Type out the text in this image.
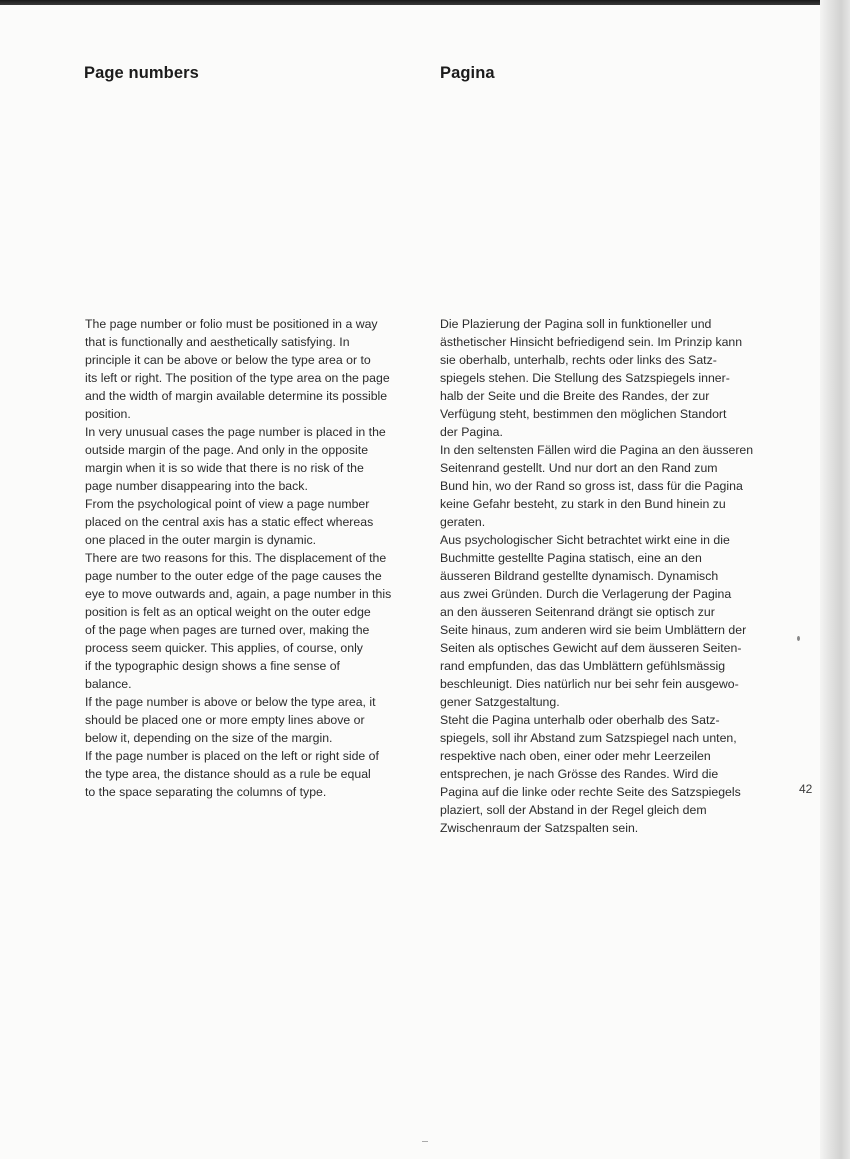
Page numbers	Pagina
The page number or folio must be positioned in a way
that is functionally and aesthetically satisfying. In
principle it can be above or below the type area or to
its left or right. The position of the type area on the page
and the width of margin available determine its possible
position.
In very unusual cases the page number is placed in the
outside margin of the page. And only in the opposite
margin when it is so wide that there is no risk of the
page number disappearing into the back.
From the psychological point of view a page number
placed on the central axis has a static effect whereas
one placed in the outer margin is dynamic.
There are two reasons for this. The displacement of the
page number to the outer edge of the page causes the
eye to move outwards and, again, a page number in this
position is felt as an optical weight on the outer edge
of the page when pages are turned over, making the
process seem quicker. This applies, of course, only
if the typographic design shows a fine sense of
balance.
If the page number is above or below the type area, it
should be placed one or more empty lines above or
below it, depending on the size of the margin.
If the page number is placed on the left or right side of
the type area, the distance should as a rule be equal
to the space separating the columns of type.
Die Plazierung der Pagina soll in funktioneller und
ästhetischer Hinsicht befriedigend sein. Im Prinzip kann
sie oberhalb, unterhalb, rechts oder links des Satz-
spiegels stehen. Die Stellung des Satzspiegels inner-
halb der Seite und die Breite des Randes, der zur
Verfügung steht, bestimmen den möglichen Standort
der Pagina.
In den seltensten Fällen wird die Pagina an den äusseren
Seitenrand gestellt. Und nur dort an den Rand zum
Bund hin, wo der Rand so gross ist, dass für die Pagina
keine Gefahr besteht, zu stark in den Bund hinein zu
geraten.
Aus psychologischer Sicht betrachtet wirkt eine in die
Buchmitte gestellte Pagina statisch, eine an den
äusseren Bildrand gestellte dynamisch. Dynamisch
aus zwei Gründen. Durch die Verlagerung der Pagina
an den äusseren Seitenrand drängt sie optisch zur
Seite hinaus, zum anderen wird sie beim Umblättern der
Seiten als optisches Gewicht auf dem äusseren Seiten-
rand empfunden, das das Umblättern gefühlsmässig
beschleunigt. Dies natürlich nur bei sehr fein ausgewo-
gener Satzgestaltung.
Steht die Pagina unterhalb oder oberhalb des Satz-
spiegels, soll ihr Abstand zum Satzspiegel nach unten,
respektive nach oben, einer oder mehr Leerzeilen
entsprechen, je nach Grösse des Randes. Wird die
Pagina auf die linke oder rechte Seite des Satzspiegels
plaziert, soll der Abstand in der Regel gleich dem
Zwischenraum der Satzspalten sein.
42
